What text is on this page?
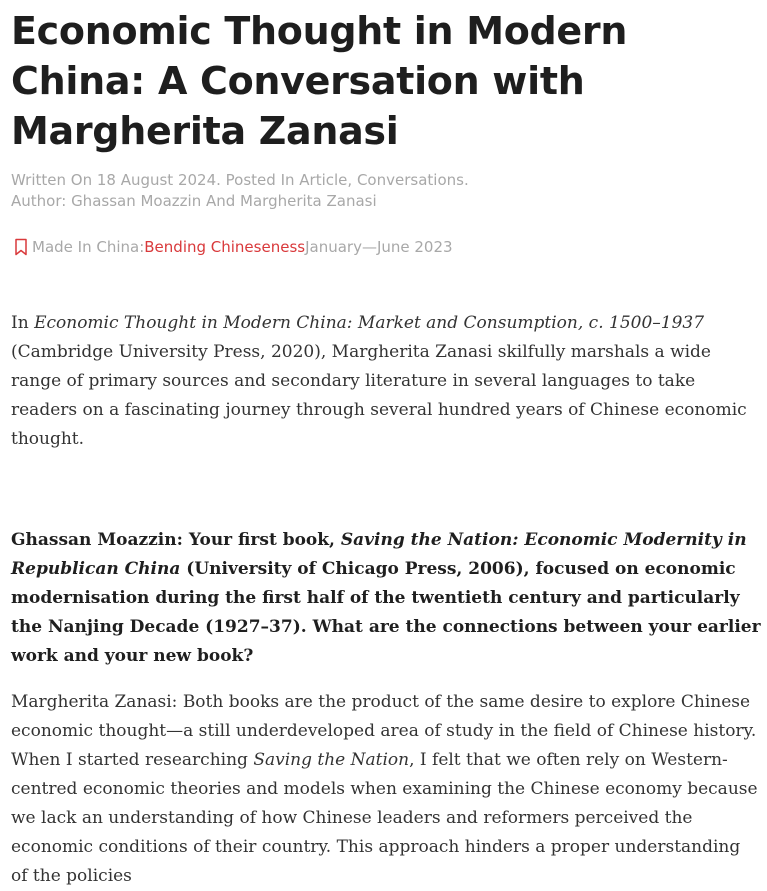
Economic Thought in Modern China: A Conversation with Margherita Zanasi
Written On 18 August 2024. Posted In Article, Conversations.
Author: Ghassan Moazzin And Margherita Zanasi
Made In China: Bending Chineseness January—June 2023

In Economic Thought in Modern China: Market and Consumption, c. 1500–1937 (Cambridge University Press, 2020), Margherita Zanasi skilfully marshals a wide range of primary sources and secondary literature in several languages to take readers on a fascinating journey through several hundred years of Chinese economic thought.

Ghassan Moazzin: Your first book, Saving the Nation: Economic Modernity in Republican China (University of Chicago Press, 2006), focused on economic modernisation during the first half of the twentieth century and particularly the Nanjing Decade (1927–37). What are the connections between your earlier work and your new book?

Margherita Zanasi: Both books are the product of the same desire to explore Chinese economic thought—a still underdeveloped area of study in the field of Chinese history. When I started researching Saving the Nation, I felt that we often rely on Western-centred economic theories and models when examining the Chinese economy because we lack an understanding of how Chinese leaders and reformers perceived the economic conditions of their country. This approach hinders a proper understanding of the policies
